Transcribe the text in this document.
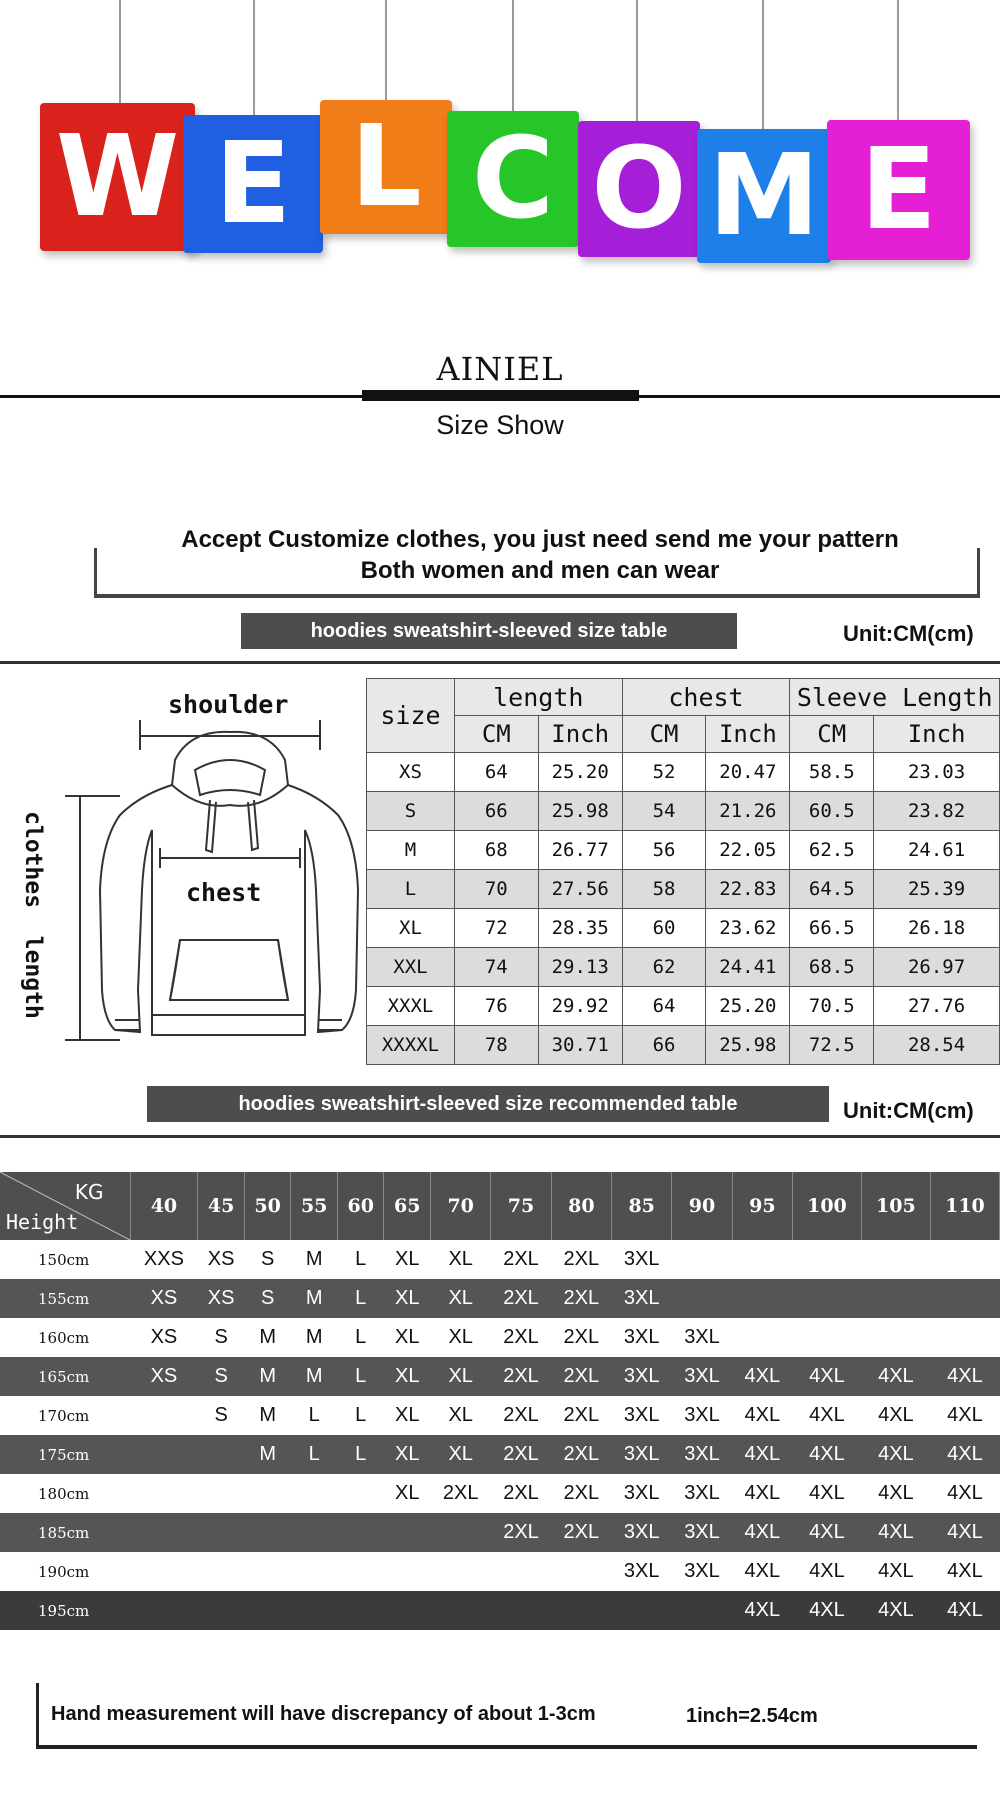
W E L C O M E
AINIEL
Size Show
Accept Customize clothes, you just need send me your pattern
Both women and men can wear
hoodies sweatshirt-sleeved size table	Unit:CM(cm)
shoulder
chest
clothes  length
size	length		chest		Sleeve Length	
	CM	Inch	CM	Inch	CM	Inch
XS	64	25.20	52	20.47	58.5	23.03
S	66	25.98	54	21.26	60.5	23.82
M	68	26.77	56	22.05	62.5	24.61
L	70	27.56	58	22.83	64.5	25.39
XL	72	28.35	60	23.62	66.5	26.18
XXL	74	29.13	62	24.41	68.5	26.97
XXXL	76	29.92	64	25.20	70.5	27.76
XXXXL	78	30.71	66	25.98	72.5	28.54
hoodies sweatshirt-sleeved size recommended table	Unit:CM(cm)
KG
Height	40	45	50	55	60	65	70	75	80	85	90	95	100	105	110
150cm	XXS	XS	S	M	L	XL	XL	2XL	2XL	3XL					
155cm	XS	XS	S	M	L	XL	XL	2XL	2XL	3XL					
160cm	XS	S	M	M	L	XL	XL	2XL	2XL	3XL	3XL				
165cm	XS	S	M	M	L	XL	XL	2XL	2XL	3XL	3XL	4XL	4XL	4XL	4XL
170cm		S	M	L	L	XL	XL	2XL	2XL	3XL	3XL	4XL	4XL	4XL	4XL
175cm			M	L	L	XL	XL	2XL	2XL	3XL	3XL	4XL	4XL	4XL	4XL
180cm						XL	2XL	2XL	2XL	3XL	3XL	4XL	4XL	4XL	4XL
185cm								2XL	2XL	3XL	3XL	4XL	4XL	4XL	4XL
190cm										3XL	3XL	4XL	4XL	4XL	4XL
195cm												4XL	4XL	4XL	4XL
Hand measurement will have discrepancy of about 1-3cm	1inch=2.54cm
